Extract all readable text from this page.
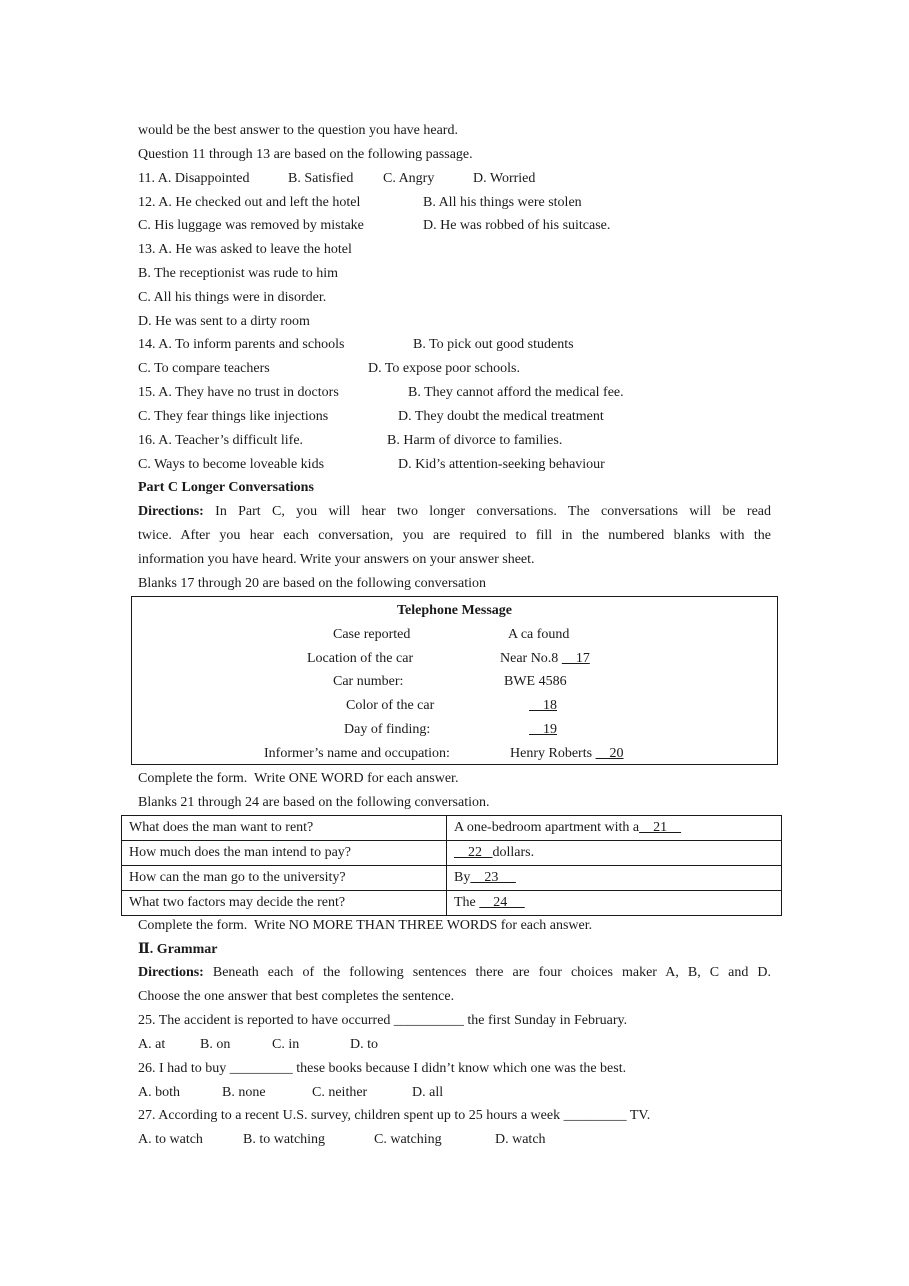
would be the best answer to the question you have heard.
Question 11 through 13 are based on the following passage.

11. A. Disappointed

	B. Satisfied

C. Angry

	D. Worried

12. A. He checked out and left the hotel

	B. All his things were stolen

C. His luggage was removed by mistake

	D. He was robbed of his suitcase.

13. A. He was asked to leave the hotel
B. The receptionist was rude to him
C. All his things were in disorder.
D. He was sent to a dirty room

14. A. To inform parents and schools

	B. To pick out good students

C. To compare teachers

	D. To expose poor schools.

15. A. They have no trust in doctors

	B. They cannot afford the medical fee.

C. They fear things like injections

	D. They doubt the medical treatment

16. A. Teacher’s difficult life.

	B. Harm of divorce to families.

C. Ways to become loveable kids

	D. Kid’s attention-seeking behaviour

Part C Longer Conversations
Directions: In Part C, you will hear two longer conversations. The conversations will be read
twice. After you hear each conversation, you are required to fill in the numbered blanks with the
information you have heard. Write your answers on your answer sheet.
Blanks 17 through 20 are based on the following conversation
Telephone Message
Case reported	A ca found
Location of the car	Near No.8     17
Car number:	BWE 4586
Color of the car	18
Day of finding:	19
Informer’s name and occupation:	Henry Roberts     20
Complete the form.  Write ONE WORD for each answer.
Blanks 21 through 24 are based on the following conversation.
What does the man want to rent?	A one-bedroom apartment with a    21
How much does the man intend to pay?	22   dollars.
How can the man go to the university?	By    23
What two factors may decide the rent?	The     24
Complete the form.  Write NO MORE THAN THREE WORDS for each answer.
Ⅱ. Grammar
Directions: Beneath each of the following sentences there are four choices maker A, B, C and D.
Choose the one answer that best completes the sentence.
25. The accident is reported to have occurred __________ the first Sunday in February.

A. at

B. on

	C. in

	D. to

26. I had to buy _________ these books because I didn’t know which one was the best.

A. both

	B. none

	C. neither

	D. all

27. According to a recent U.S. survey, children spent up to 25 hours a week _________ TV.

A. to watch

	B. to watching

	C. watching

	D. watch
